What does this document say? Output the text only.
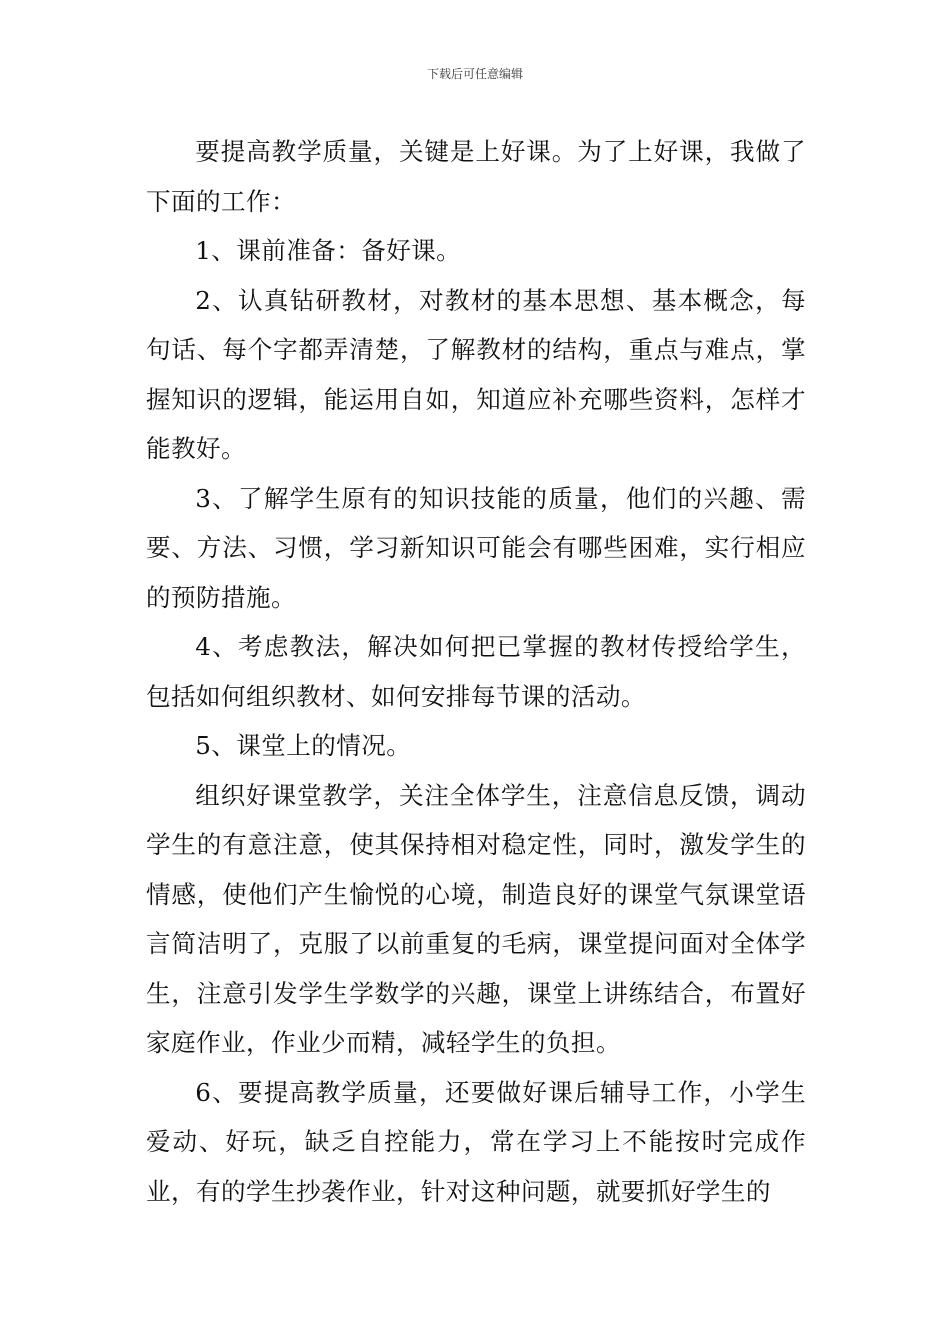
下载后可任意编辑

要提高教学质量，关键是上好课。为了上好课，我做了下面的工作：

1、课前准备：备好课。

2、认真钻研教材，对教材的基本思想、基本概念，每句话、每个字都弄清楚，了解教材的结构，重点与难点，掌握知识的逻辑，能运用自如，知道应补充哪些资料，怎样才能教好。

3、了解学生原有的知识技能的质量，他们的兴趣、需要、方法、习惯，学习新知识可能会有哪些困难，实行相应的预防措施。

4、考虑教法，解决如何把已掌握的教材传授给学生，包括如何组织教材、如何安排每节课的活动。

5、课堂上的情况。

组织好课堂教学，关注全体学生，注意信息反馈，调动学生的有意注意，使其保持相对稳定性，同时，激发学生的情感，使他们产生愉悦的心境，制造良好的课堂气氛课堂语言简洁明了，克服了以前重复的毛病，课堂提问面对全体学生，注意引发学生学数学的兴趣，课堂上讲练结合，布置好家庭作业，作业少而精，减轻学生的负担。

6、要提高教学质量，还要做好课后辅导工作，小学生爱动、好玩，缺乏自控能力，常在学习上不能按时完成作业，有的学生抄袭作业，针对这种问题，就要抓好学生的
